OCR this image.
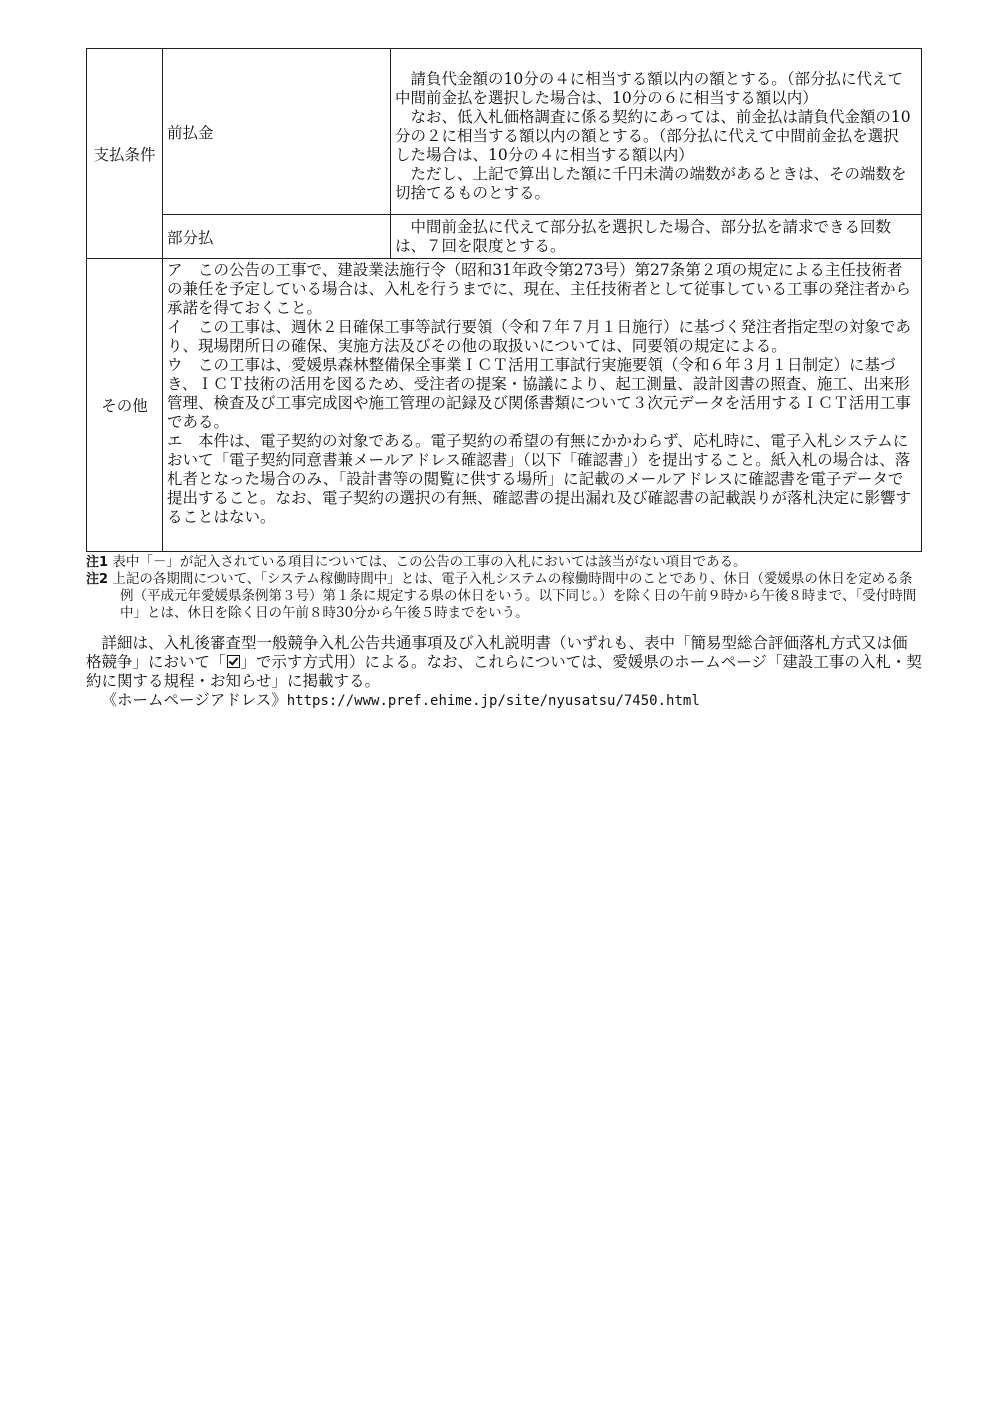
支払条件	前払金	請負代金額の10分の４に相当する額以内の額とする。（部分払に代えて中間前金払を選択した場合は、10分の６に相当する額以内）

なお、低入札価格調査に係る契約にあっては、前金払は請負代金額の10分の２に相当する額以内の額とする。（部分払に代えて中間前金払を選択した場合は、10分の４に相当する額以内）

ただし、上記で算出した額に千円未満の端数があるときは、その端数を切捨てるものとする。

	部分払	中間前金払に代えて部分払を選択した場合、部分払を請求できる回数は、７回を限度とする。

その他	ア　この公告の工事で、建設業法施行令（昭和31年政令第273号）第27条第２項の規定による主任技術者の兼任を予定している場合は、入札を行うまでに、現在、主任技術者として従事している工事の発注者から承諾を得ておくこと。

イ　この工事は、週休２日確保工事等試行要領（令和７年７月１日施行）に基づく発注者指定型の対象であり、現場閉所日の確保、実施方法及びその他の取扱いについては、同要領の規定による。

ウ　この工事は、愛媛県森林整備保全事業ＩＣＴ活用工事試行実施要領（令和６年３月１日制定）に基づき、ＩＣＴ技術の活用を図るため、受注者の提案・協議により、起工測量、設計図書の照査、施工、出来形管理、検査及び工事完成図や施工管理の記録及び関係書類について３次元データを活用するＩＣＴ活用工事である。

エ　本件は、電子契約の対象である。電子契約の希望の有無にかかわらず、応札時に、電子入札システムにおいて「電子契約同意書兼メールアドレス確認書」（以下「確認書」）を提出すること。紙入札の場合は、落札者となった場合のみ、「設計書等の閲覧に供する場所」に記載のメールアドレスに確認書を電子データで提出すること。なお、電子契約の選択の有無、確認書の提出漏れ及び確認書の記載誤りが落札決定に影響することはない。	

注1 表中「－」が記入されている項目については、この公告の工事の入札においては該当がない項目である。

注2 上記の各期間について、「システム稼働時間中」とは、電子入札システムの稼働時間中のことであり、休日（愛媛県の休日を定める条例（平成元年愛媛県条例第３号）第１条に規定する県の休日をいう。以下同じ。）を除く日の午前９時から午後８時まで、「受付時間中」とは、休日を除く日の午前８時30分から午後５時までをいう。

詳細は、入札後審査型一般競争入札公告共通事項及び入札説明書（いずれも、表中「簡易型総合評価落札方式又は価格競争」において「 」で示す方式用）による。なお、これらについては、愛媛県のホームページ「建設工事の入札・契約に関する規程・お知らせ」に掲載する。

《ホームページアドレス》https://www.pref.ehime.jp/site/nyusatsu/7450.html
